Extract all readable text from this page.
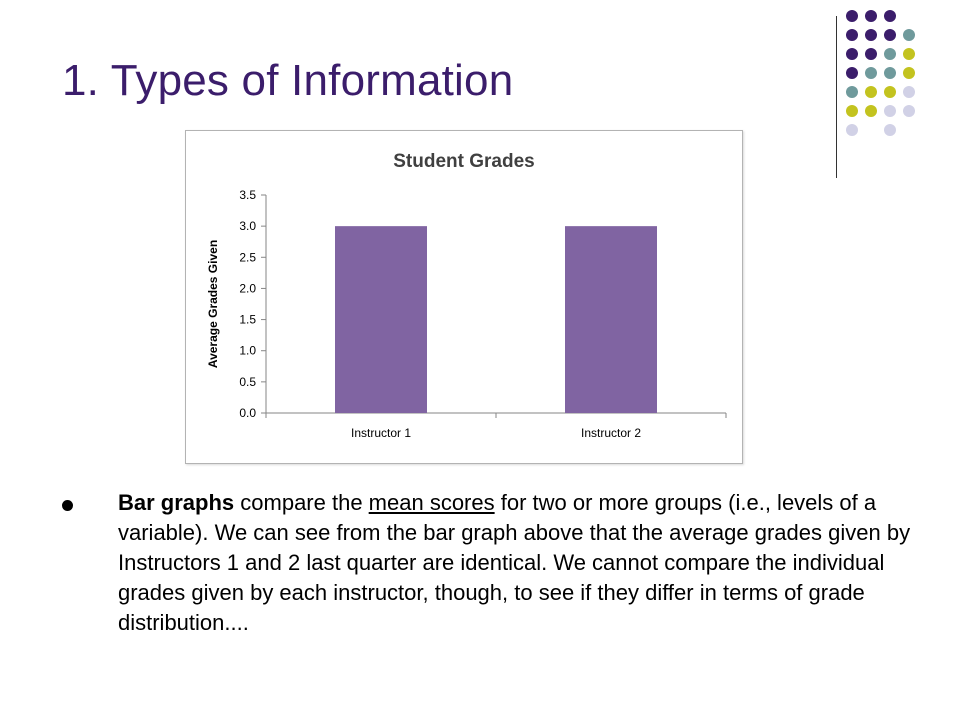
1. Types of Information
Student Grades
Average Grades Given
0.0
0.5
1.0
1.5
2.0
2.5
3.0
3.5
Instructor 1	Instructor 2

Bar graphs compare the mean scores for two or more groups (i.e., levels of a variable). We can see from the bar graph above that the average grades given by Instructors 1 and 2 last quarter are identical. We cannot compare the individual grades given by each instructor, though, to see if they differ in terms of grade distribution....
